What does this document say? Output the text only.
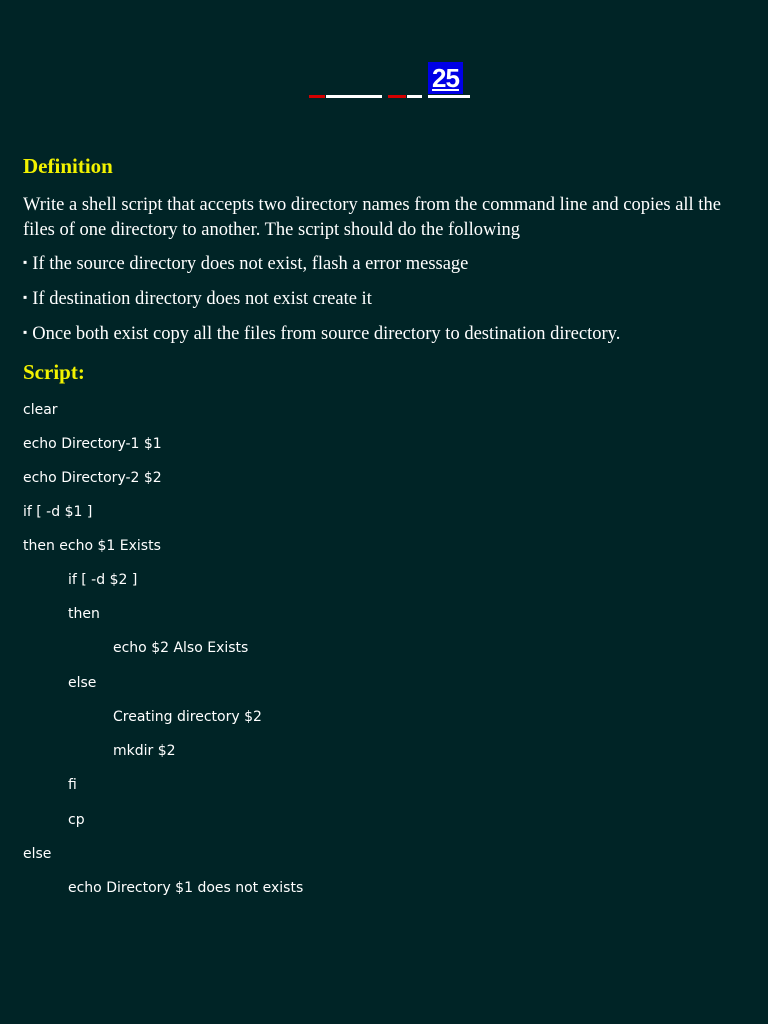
25
Definition

Write a shell script that accepts two directory names from the command line and copies all the files of one directory to another. The script should do the following

▪ If the source directory does not exist, flash a error message
▪ If destination directory does not exist create it
▪ Once both exist copy all the files from source directory to destination directory.
Script:
clear
echo Directory-1 $1
echo Directory-2 $2
if [ -d $1 ]
then echo $1 Exists
if [ -d $2 ]
then
echo $2 Also Exists
else
Creating directory $2
mkdir $2
fi
cp
else
echo Directory $1 does not exists
